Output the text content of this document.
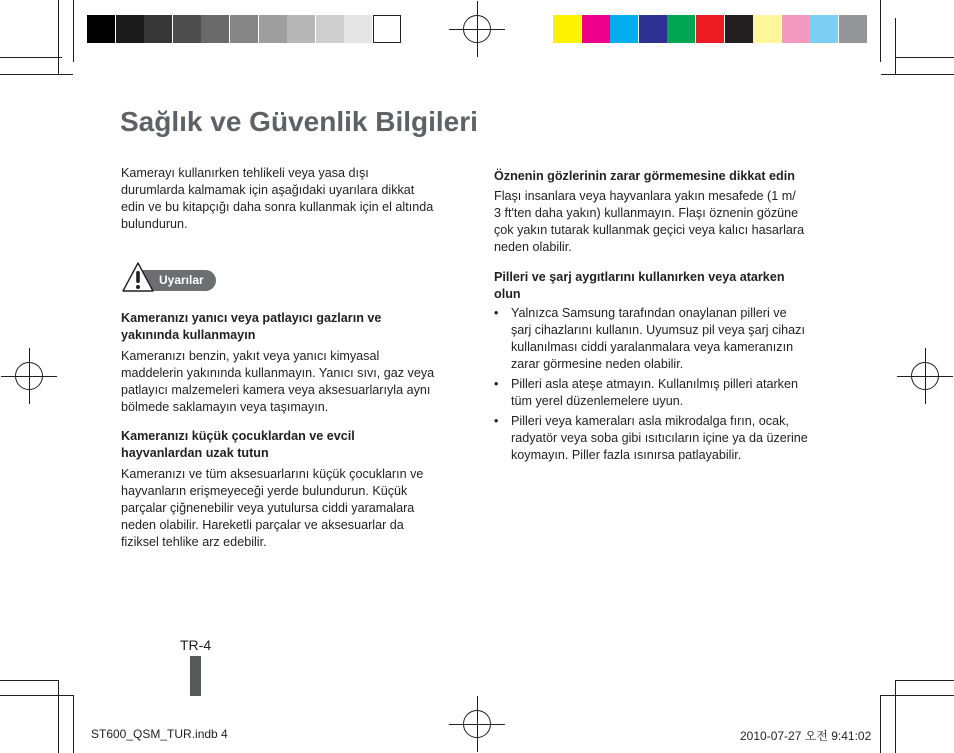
Sağlık ve Güvenlik Bilgileri

Kamerayı kullanırken tehlikeli veya yasa dışı
durumlarda kalmamak için aşağıdaki uyarılara dikkat
edin ve bu kitapçığı daha sonra kullanmak için el altında
bulundurun.

Uyarılar

Kameranızı yanıcı veya patlayıcı gazların ve
yakınında kullanmayın

Kameranızı benzin, yakıt veya yanıcı kimyasal
maddelerin yakınında kullanmayın. Yanıcı sıvı, gaz veya
patlayıcı malzemeleri kamera veya aksesuarlarıyla aynı
bölmede saklamayın veya taşımayın.

Kameranızı küçük çocuklardan ve evcil
hayvanlardan uzak tutun

Kameranızı ve tüm aksesuarlarını küçük çocukların ve
hayvanların erişmeyeceği yerde bulundurun. Küçük
parçalar çiğnenebilir veya yutulursa ciddi yaramalara
neden olabilir. Hareketli parçalar ve aksesuarlar da
fiziksel tehlike arz edebilir.

Öznenin gözlerinin zarar görmemesine dikkat edin

Flaşı insanlara veya hayvanlara yakın mesafede (1 m/
3 ft'ten daha yakın) kullanmayın. Flaşı öznenin gözüne
çok yakın tutarak kullanmak geçici veya kalıcı hasarlara
neden olabilir.

Pilleri ve şarj aygıtlarını kullanırken veya atarken
olun

• Yalnızca Samsung tarafından onaylanan pilleri ve
şarj cihazlarını kullanın. Uyumsuz pil veya şarj cihazı
kullanılması ciddi yaralanmalara veya kameranızın
zarar görmesine neden olabilir.
• Pilleri asla ateşe atmayın. Kullanılmış pilleri atarken
tüm yerel düzenlemelere uyun.
• Pilleri veya kameraları asla mikrodalga fırın, ocak,
radyatör veya soba gibi ısıtıcıların içine ya da üzerine
koymayın. Piller fazla ısınırsa patlayabilir.
TR-4
ST600_QSM_TUR.indb 4	2010-07-27 오전 9:41:02
